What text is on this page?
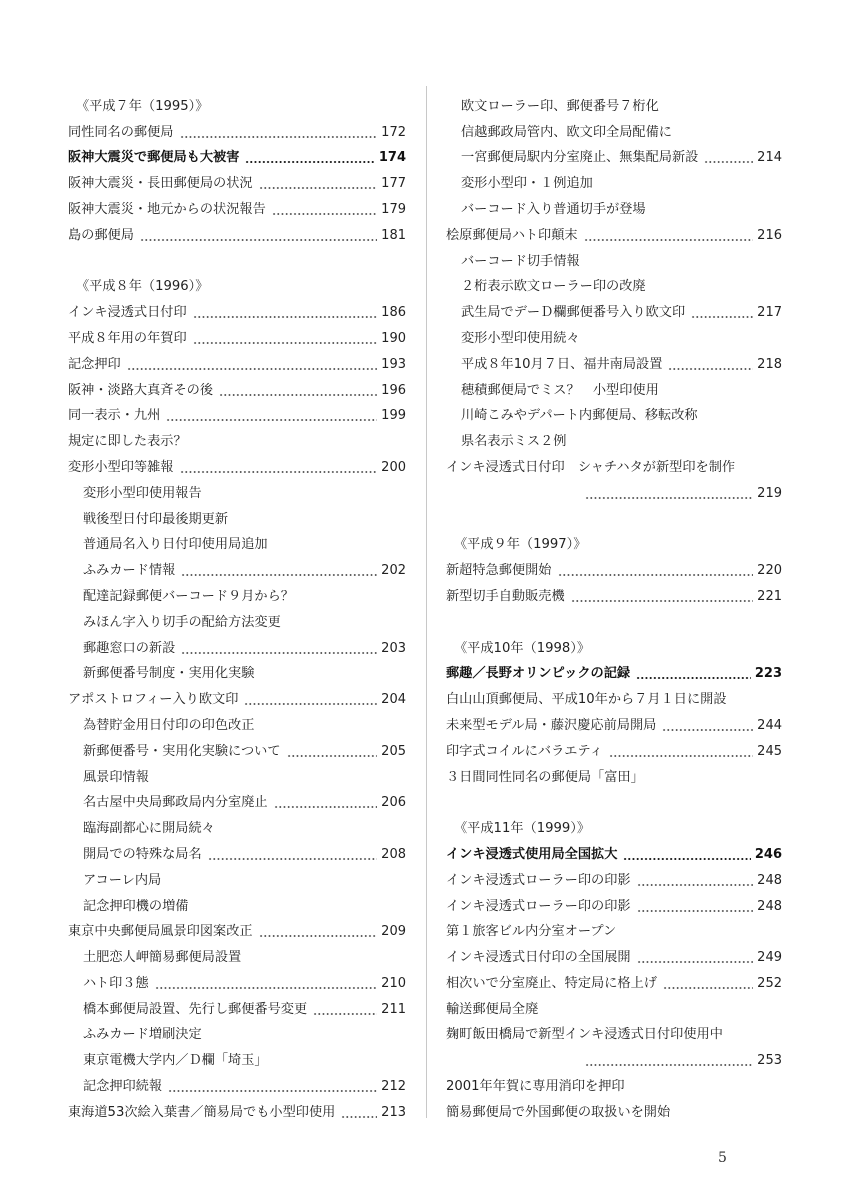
《平成７年（1995）》
同性同名の郵便局	172
阪神大震災で郵便局も大被害	174
阪神大震災・長田郵便局の状況	177
阪神大震災・地元からの状況報告	179
島の郵便局	181
《平成８年（1996）》
インキ浸透式日付印	186
平成８年用の年賀印	190
記念押印	193
阪神・淡路大真斉その後	196
同一表示・九州	199
規定に即した表示？
変形小型印等雑報	200
変形小型印使用報告
戦後型日付印最後期更新
普通局名入り日付印使用局追加
ふみカード情報	202
配達記録郵便バーコード９月から？
みほん字入り切手の配給方法変更
郵趣窓口の新設	203
新郵便番号制度・実用化実験
アポストロフィー入り欧文印	204
為替貯金用日付印の印色改正
新郵便番号・実用化実験について	205
風景印情報
名古屋中央局郵政局内分室廃止	206
臨海副都心に開局続々
開局での特殊な局名	208
アコーレ内局
記念押印機の増備
東京中央郵便局風景印図案改正	209
土肥恋人岬簡易郵便局設置
ハト印３態	210
橋本郵便局設置、先行し郵便番号変更	211
ふみカード増刷決定
東京電機大学内／Ｄ欄「埼玉」
記念押印続報	212
東海道53次絵入葉書／簡易局でも小型印使用	213
欧文ローラー印、郵便番号７桁化
信越郵政局管内、欧文印全局配備に
一宮郵便局駅内分室廃止、無集配局新設	214
変形小型印・１例追加
バーコード入り普通切手が登場
桧原郵便局ハト印顛末	216
バーコード切手情報
２桁表示欧文ローラー印の改廃
武生局でデーＤ欄郵便番号入り欧文印	217
変形小型印使用続々
平成８年10月７日、福井南局設置	218
穂積郵便局でミス？　小型印使用
川崎こみやデパート内郵便局、移転改称
県名表示ミス２例
インキ浸透式日付印　シャチハタが新型印を制作
219
《平成９年（1997）》
新超特急郵便開始	220
新型切手自動販売機	221
《平成10年（1998）》
郵趣／長野オリンピックの記録	223
白山山頂郵便局、平成10年から７月１日に開設
未来型モデル局・藤沢慶応前局開局	244
印字式コイルにバラエティ	245
３日間同性同名の郵便局「富田」
《平成11年（1999）》
インキ浸透式使用局全国拡大	246
インキ浸透式ローラー印の印影	248
インキ浸透式ローラー印の印影	248
第１旅客ビル内分室オープン
インキ浸透式日付印の全国展開	249
相次いで分室廃止、特定局に格上げ	252
輸送郵便局全廃
麹町飯田橋局で新型インキ浸透式日付印使用中
253
2001年年賀に専用消印を押印
簡易郵便局で外国郵便の取扱いを開始
5
